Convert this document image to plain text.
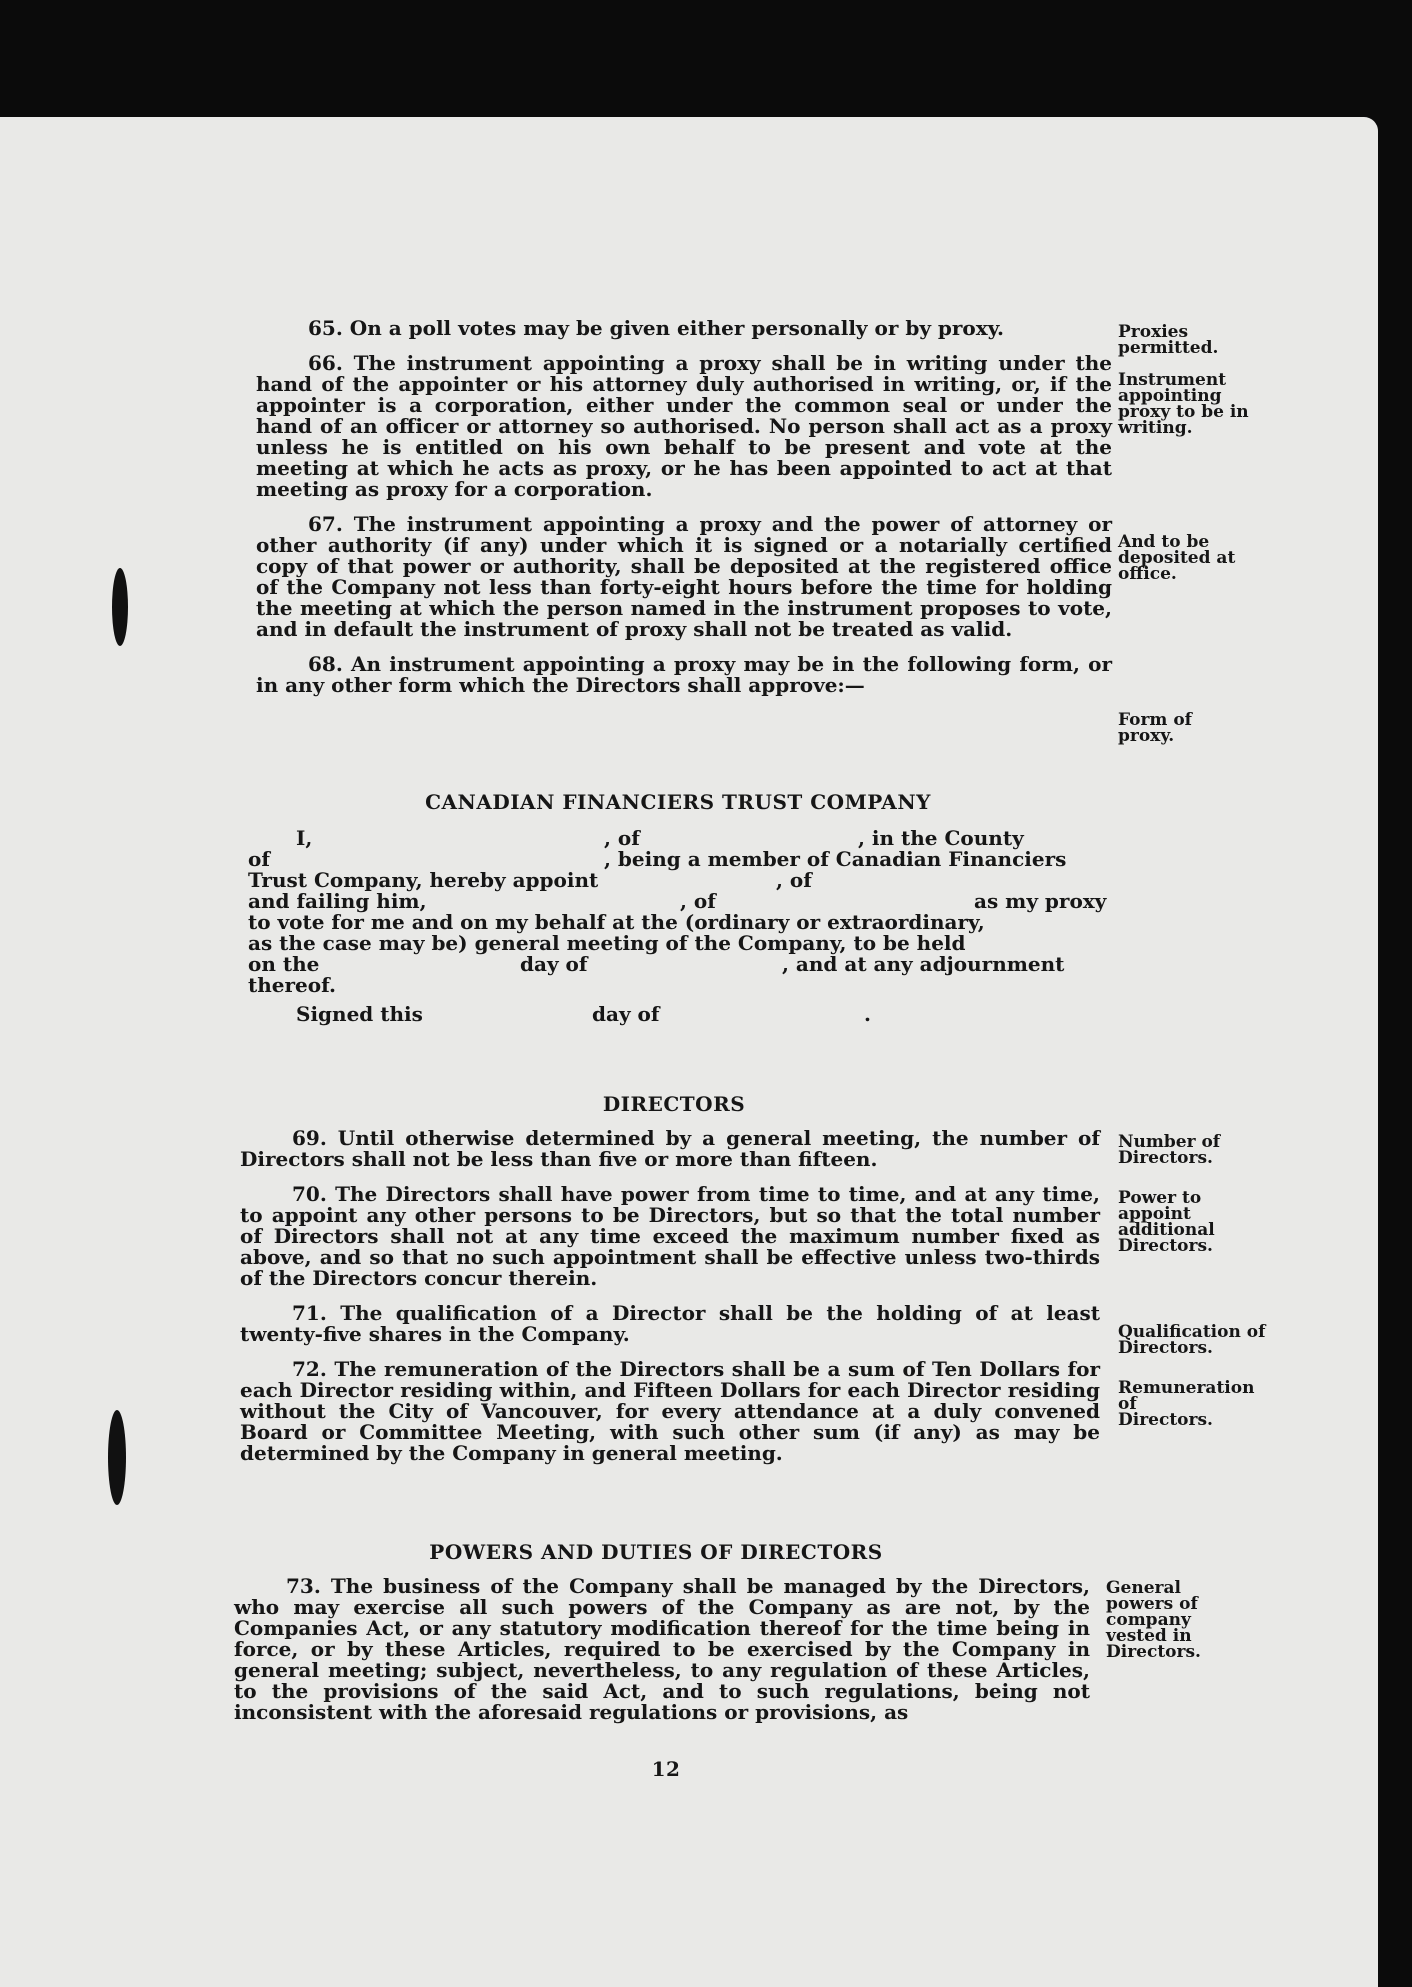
65. On a poll votes may be given either personally or by proxy.

66. The instrument appointing a proxy shall be in writing under the hand of the appointer or his attorney duly authorised in writing, or, if the appointer is a corporation, either under the common seal or under the hand of an officer or attorney so authorised. No person shall act as a proxy unless he is entitled on his own behalf to be present and vote at the meeting at which he acts as proxy, or he has been appointed to act at that meeting as proxy for a corporation.

67. The instrument appointing a proxy and the power of attorney or other authority (if any) under which it is signed or a notarially certified copy of that power or authority, shall be deposited at the registered office of the Company not less than forty-eight hours before the time for holding the meeting at which the person named in the instrument proposes to vote, and in default the instrument of proxy shall not be treated as valid.

68. An instrument appointing a proxy may be in the following form, or in any other form which the Directors shall approve:—

Proxies permitted.
Instrument appointing proxy to be in writing.
And to be deposited at office.
Form of proxy.
CANADIAN FINANCIERS TRUST COMPANY
I,	, of	, in the County
of	, being a member of Canadian Financiers
Trust Company, hereby appoint	, of
and failing him,	, of	as my proxy
to vote for me and on my behalf at the (ordinary or extraordinary,
as the case may be) general meeting of the Company, to be held
on the	day of	, and at any adjournment
thereof.
Signed this	day of	.
DIRECTORS

69. Until otherwise determined by a general meeting, the number of Directors shall not be less than five or more than fifteen.

70. The Directors shall have power from time to time, and at any time, to appoint any other persons to be Directors, but so that the total number of Directors shall not at any time exceed the maximum number fixed as above, and so that no such appointment shall be effective unless two-thirds of the Directors concur therein.

71. The qualification of a Director shall be the holding of at least twenty-five shares in the Company.

72. The remuneration of the Directors shall be a sum of Ten Dollars for each Director residing within, and Fifteen Dollars for each Director residing without the City of Vancouver, for every attendance at a duly convened Board or Committee Meeting, with such other sum (if any) as may be determined by the Company in general meeting.

Number of Directors.
Power to appoint additional Directors.
Qualification of Directors.
Remuneration of Directors.
POWERS AND DUTIES OF DIRECTORS

73. The business of the Company shall be managed by the Directors, who may exercise all such powers of the Company as are not, by the Companies Act, or any statutory modification thereof for the time being in force, or by these Articles, required to be exercised by the Company in general meeting; subject, nevertheless, to any regulation of these Articles, to the provisions of the said Act, and to such regulations, being not inconsistent with the aforesaid regulations or provisions, as

General powers of company vested in Directors.
12
